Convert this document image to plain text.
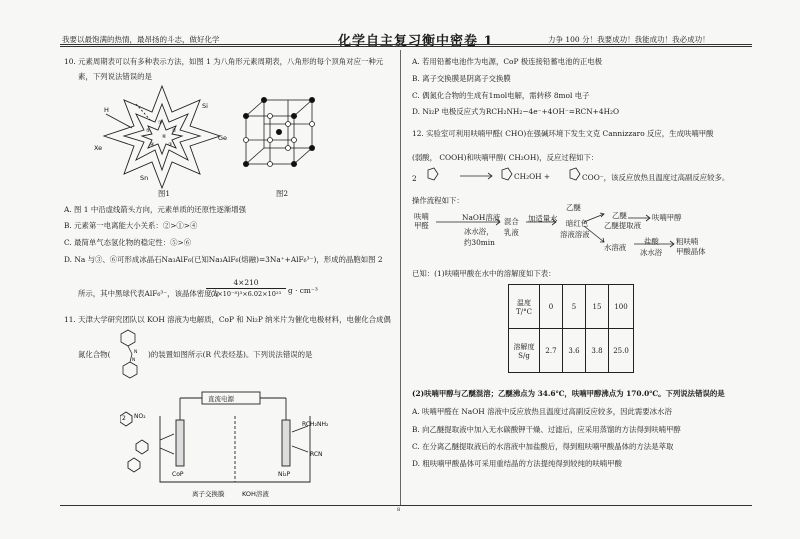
我要以最饱满的热情，最昂扬的斗志，做好化学	化学自主复习衡中密卷 1	力争 100 分！我要成功！我能成功！我必成功！
10. 元素周期表可以有多种表示方法，如图 1 为八角形元素周期表，八角形的每个顶角对应一种元
素，下列说法错误的是
Si
H
Xe
Ge
Sn
①
②
③
④
⑤
⑥
图1	图2
A. 图 1 中沿虚线箭头方向，元素单质的还原性逐渐增强
B. 元素第一电离能大小关系：②>①>④
C. 最简单气态氢化物的稳定性：⑤>⑥
D. Na 与③、⑥可形成冰晶石Na₃AlF₆(已知Na₃AlF₆(熔融)=3Na⁺+AlF₆³⁻)，形成的晶胞如图 2
所示，其中黑球代表AlF₆³⁻，该晶体密度为
$\frac{4\times 210}{\text{(a×10⁻⁸)³×6.02×10²³}}$ g · cm⁻³
11. 天津大学研究团队以 KOH 溶液为电解质，CoP 和 Ni₂P 纳米片为催化电极材料，电催化合成偶
氮化合物(	N
N
)的装置如图所示(R 代表烃基)。下列说法错误的是
直流电源
2 NO₂
CoP	Ni₂P
RCH₂NH₂
RCN
离子交换膜	KOH溶液
A. 若用铅蓄电池作为电源，CoP 极连接铅蓄电池的正电极
B. 离子交换膜是阴离子交换膜
C. 偶氮化合物的生成有1mol电解，需转移 8mol 电子
D. Ni₂P 电极反应式为RCH₂NH₂−4e⁻+4OH⁻=RCN+4H₂O
12. 实验室可利用呋喃甲醛( CHO)在强碱环境下发生文克 Cannizzaro 反应，生成呋喃甲酸
(弱酸， COOH)和呋喃甲醇( CH₂OH)，反应过程如下：
2	CH₂OH +	COO⁻，该反应放热且温度过高副反应较多。
操作流程如下：
呋喃甲醛
NaOH溶液
冰水浴，
约30min
混合
乳液
加适量水
暗红色
溶液溶液
乙醚
乙醚提取液
乙醚	呋喃甲醇
水溶液
盐酸
冰水浴
粗呋喃
甲酸晶体
已知：(1)呋喃甲酸在水中的溶解度如下表：
温度 T/°C	0	5	15	100
溶解度 S/g	2.7	3.6	3.8	25.0
(2)呋喃甲醇与乙醚混溶；乙醚沸点为 34.6℃，呋喃甲醇沸点为 170.0℃。下列说法错误的是
A. 呋喃甲醛在 NaOH 溶液中反应放热且温度过高副反应较多，因此需要冰水浴
B. 向乙醚提取液中加入无水碳酸钾干燥、过滤后，应采用蒸馏的方法得到呋喃甲醇
C. 在分离乙醚提取液后的水溶液中加盐酸后，得到粗呋喃甲酸晶体的方法是萃取
D. 粗呋喃甲酸晶体可采用重结晶的方法提纯得到较纯的呋喃甲酸
8
